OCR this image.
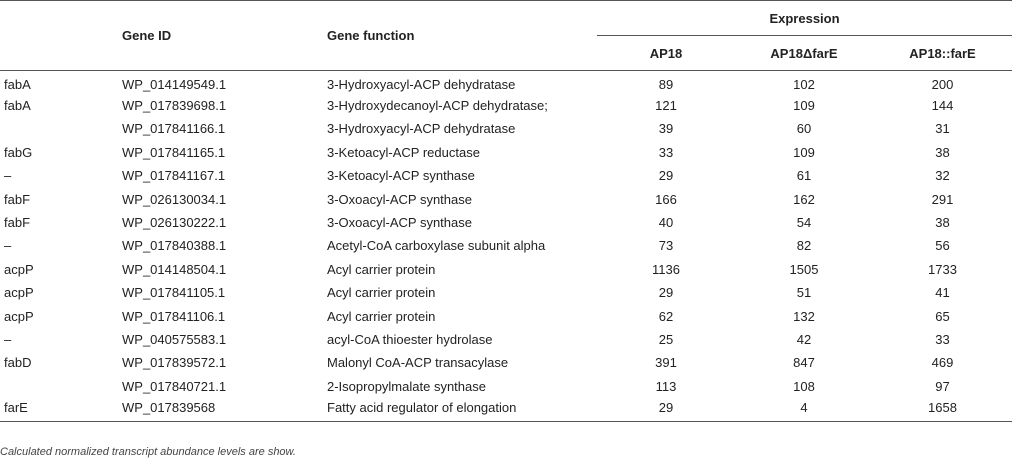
	Gene ID	Gene function	Expression		
			AP18	AP18ΔfarE	AP18::farE
fabA	WP_014149549.1	3-Hydroxyacyl-ACP dehydratase	89	102	200
fabA	WP_017839698.1	3-Hydroxydecanoyl-ACP dehydratase;	121	109	144
	WP_017841166.1	3-Hydroxyacyl-ACP dehydratase	39	60	31
fabG	WP_017841165.1	3-Ketoacyl-ACP reductase	33	109	38
–	WP_017841167.1	3-Ketoacyl-ACP synthase	29	61	32
fabF	WP_026130034.1	3-Oxoacyl-ACP synthase	166	162	291
fabF	WP_026130222.1	3-Oxoacyl-ACP synthase	40	54	38
–	WP_017840388.1	Acetyl-CoA carboxylase subunit alpha	73	82	56
acpP	WP_014148504.1	Acyl carrier protein	1136	1505	1733
acpP	WP_017841105.1	Acyl carrier protein	29	51	41
acpP	WP_017841106.1	Acyl carrier protein	62	132	65
–	WP_040575583.1	acyl-CoA thioester hydrolase	25	42	33
fabD	WP_017839572.1	Malonyl CoA-ACP transacylase	391	847	469
	WP_017840721.1	2-Isopropylmalate synthase	113	108	97
farE	WP_017839568	Fatty acid regulator of elongation	29	4	1658
Calculated normalized transcript abundance levels are show.
